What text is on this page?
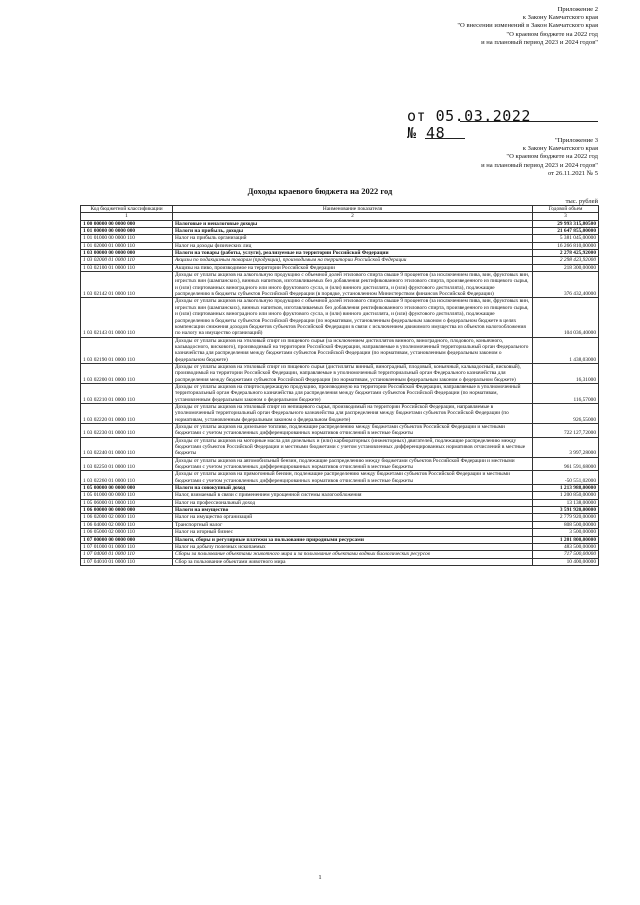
Приложение 2
к Закону Камчатского края
"О внесении изменений в Закон Камчатского края
"О краевом бюджете на 2022 год
и на плановый период 2023 и 2024 годов"
от 05.03.2022
№ 48	"Приложение 3
к Закону Камчатского края
"О краевом бюджете на 2022 год
и на плановый период 2023 и 2024 годов"
от 26.11.2021 № 5
Доходы краевого бюджета на 2022 год
тыс. рублей
Код бюджетной классификации	Наименование показателя	Годовой объем
1	2	3
1 00 00000 00 0000 000	Налоговые и неналоговые доходы	29 993 315,80500
1 01 00000 00 0000 000	Налоги на прибыль, доходы	21 647 855,00000
1 01 01000 00 0000 110	Налог на прибыль организаций	5 381 045,00000
1 01 02000 01 0000 110	Налог на доходы физических лиц	16 266 810,00000
1 03 00000 00 0000 000	Налоги на товары (работы, услуги), реализуемые на территории Российской Федерации	2 278 425,92000
1 03 02000 01 0000 110	Акцизы по подакцизным товарам (продукции), производимым на территории Российской Федерации	2 298 423,92000
1 03 02100 01 0000 110	Акцизы на пиво, производимое на территории Российской Федерации	218 300,00000
1 03 02142 01 0000 110	Доходы от уплаты акцизов на алкогольную продукцию с объемной долей этилового спирта свыше 9 процентов (за исключением пива, вин, фруктовых вин, игристых вин (шампанских), винных напитков, изготавливаемых без добавления ректификованного этилового спирта, произведенного из пищевого сырья, и (или) спиртованных виноградного или иного фруктового сусла, и (или) винного дистиллята, и (или) фруктового дистиллята), подлежащие распределению в бюджеты субъектов Российской Федерации (в порядке, установленном Министерством финансов Российской Федерации)	376 432,40000
1 03 02143 01 0000 110	Доходы от уплаты акцизов на алкогольную продукцию с объемной долей этилового спирта свыше 9 процентов (за исключением пива, вин, фруктовых вин, игристых вин (шампанских), винных напитков, изготавливаемых без добавления ректификованного этилового спирта, произведенного из пищевого сырья, и (или) спиртованных виноградного или иного фруктового сусла, и (или) винного дистиллята, и (или) фруктового дистиллята), подлежащие распределению в бюджеты субъектов Российской Федерации (по нормативам, установленным федеральным законом о федеральном бюджете в целях компенсации снижения доходов бюджетов субъектов Российской Федерации в связи с исключением движимого имущества из объектов налогообложения по налогу на имущество организаций)	104 036,40000
1 03 02190 01 0000 110	Доходы от уплаты акцизов на этиловый спирт из пищевого сырья (за исключением дистиллятов винного, виноградного, плодового, коньячного, кальвадосного, вискового), производимый на территории Российской Федерации, направляемые в уполномоченный территориальный орган Федерального казначейства для распределения между бюджетами субъектов Российской Федерации (по нормативам, установленным федеральным законом о федеральном бюджете)	1 438,03000
1 03 02200 01 0000 110	Доходы от уплаты акцизов на этиловый спирт из пищевого сырья (дистилляты винный, виноградный, плодовый, коньячный, кальвадосный, висковый), производимый на территории Российской Федерации, направляемые в уполномоченный территориальный орган Федерального казначейства для распределения между бюджетами субъектов Российской Федерации (по нормативам, установленным федеральным законом о федеральном бюджете)	16,31000
1 03 02210 01 0000 110	Доходы от уплаты акцизов на спиртосодержащую продукцию, производимую на территории Российской Федерации, направляемые в уполномоченный территориальный орган Федерального казначейства для распределения между бюджетами субъектов Российской Федерации (по нормативам, установленным федеральным законом о федеральном бюджете)	116,57000
1 03 02220 01 0000 110	Доходы от уплаты акцизов на этиловый спирт из непищевого сырья, производимый на территории Российской Федерации, направляемые в уполномоченный территориальный орган Федерального казначейства для распределения между бюджетами субъектов Российской Федерации (по нормативам, установленным федеральным законом о федеральном бюджете)	926,55000
1 03 02230 01 0000 110	Доходы от уплаты акцизов на дизельное топливо, подлежащие распределению между бюджетами субъектов Российской Федерации и местными бюджетами с учетом установленных дифференцированных нормативов отчислений в местные бюджеты	722 127,72000
1 03 02240 01 0000 110	Доходы от уплаты акцизов на моторные масла для дизельных и (или) карбюраторных (инжекторных) двигателей, подлежащие распределению между бюджетами субъектов Российской Федерации и местными бюджетами с учетом установленных дифференцированных нормативов отчислений в местные бюджеты	3 997,28000
1 03 02250 01 0000 110	Доходы от уплаты акцизов на автомобильный бензин, подлежащие распределению между бюджетами субъектов Российской Федерации и местными бюджетами с учетом установленных дифференцированных нормативов отчислений в местные бюджеты	961 591,68000
1 03 02260 01 0000 110	Доходы от уплаты акцизов на прямогонный бензин, подлежащие распределению между бюджетами субъектов Российской Федерации и местными бюджетами с учетом установленных дифференцированных нормативов отчислений в местные бюджеты	-50 551,02000
1 05 00000 00 0000 000	Налоги на совокупный доход	1 213 988,00000
1 05 01000 00 0000 110	Налог, взимаемый в связи с применением упрощенной системы налогообложения	1 200 850,00000
1 05 06000 01 0000 110	Налог на профессиональный доход	13 138,00000
1 06 00000 00 0000 000	Налоги на имущество	3 591 920,00000
1 06 02000 02 0000 110	Налог на имущество организаций	2 779 920,00000
1 06 04000 02 0000 110	Транспортный налог	808 500,00000
1 06 05000 02 0000 110	Налог на игорный бизнес	3 500,00000
1 07 00000 00 0000 000	Налоги, сборы и регулярные платежи за пользование природными ресурсами	1 201 800,00000
1 07 01000 01 0000 110	Налог на добычу полезных ископаемых	483 500,00000
1 07 04000 01 0000 110	Сборы за пользование объектами животного мира и за пользование объектами водных биологических ресурсов	717 500,00000
1 07 04010 01 0000 110	Сбор за пользование объектами животного мира	10 400,00000
1
